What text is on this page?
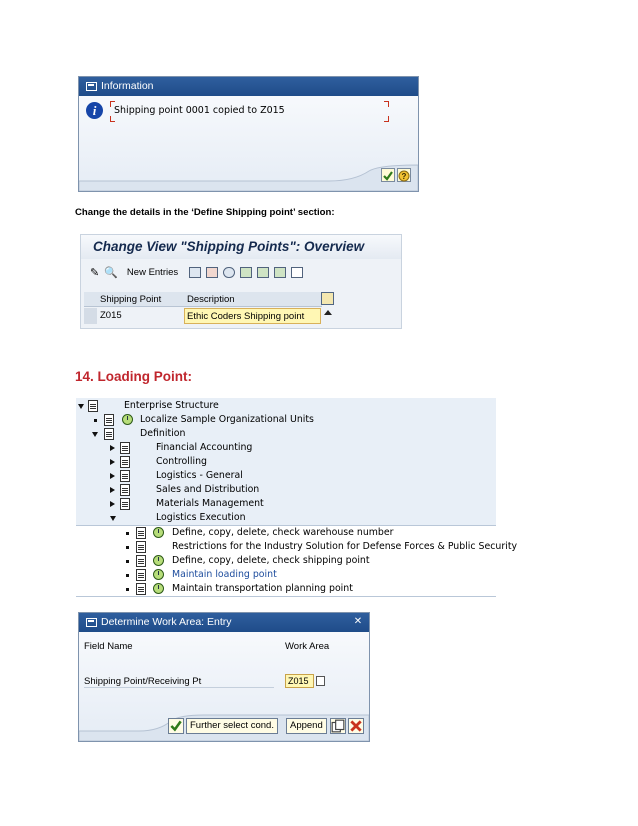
Information
i	Shipping point 0001 copied to Z015
?
Change the details in the ‘Define Shipping point’ section:
Change View "Shipping Points": Overview
✎ 🔍 New Entries
Shipping Point	Description
Z015	Ethic Coders Shipping point
14. Loading Point:
Enterprise Structure
Localize Sample Organizational Units
Definition
Financial Accounting
Controlling
Logistics - General
Sales and Distribution
Materials Management
Logistics Execution
Define, copy, delete, check warehouse number
Restrictions for the Industry Solution for Defense Forces & Public Security
Define, copy, delete, check shipping point
Maintain loading point
Maintain transportation planning point
Determine Work Area: Entry	✕
Field Name	Work Area
Shipping Point/Receiving Pt	Z015
Further select cond.	Append
